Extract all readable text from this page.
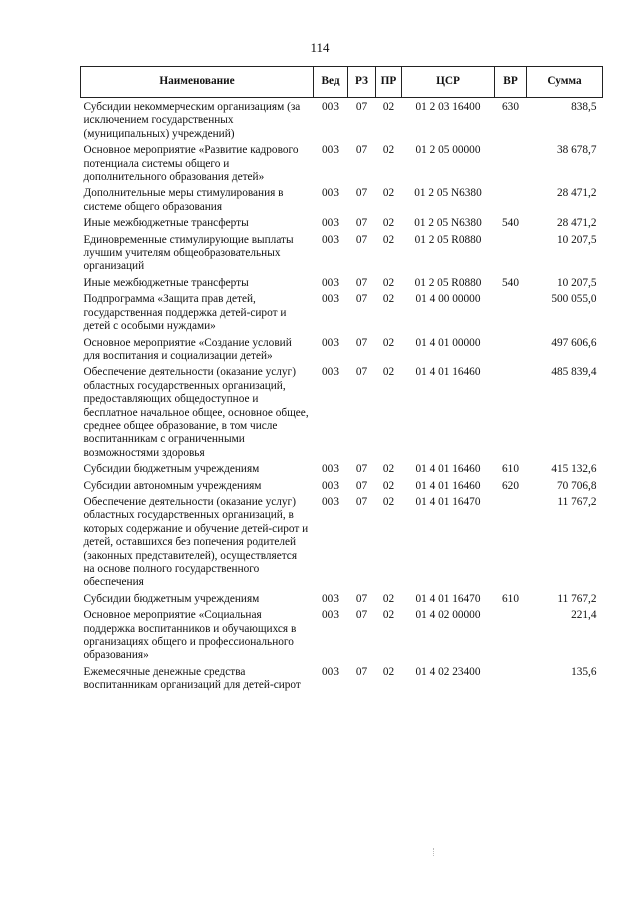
114
Наименование	Вед	РЗ	ПР	ЦСР	ВР	Сумма
Субсидии некоммерческим организациям (за исключением государственных (муниципальных) учреждений)	003	07	02	01 2 03 16400	630	838,5
Основное мероприятие «Развитие кадрового потенциала системы общего и дополнительного образования детей»	003	07	02	01 2 05 00000		38 678,7
Дополнительные меры стимулирования в системе общего образования	003	07	02	01 2 05 N6380		28 471,2
Иные межбюджетные трансферты	003	07	02	01 2 05 N6380	540	28 471,2
Единовременные стимулирующие выплаты лучшим учителям общеобразовательных организаций	003	07	02	01 2 05 R0880		10 207,5
Иные межбюджетные трансферты	003	07	02	01 2 05 R0880	540	10 207,5
Подпрограмма «Защита прав детей, государственная поддержка детей-сирот и детей с особыми нуждами»	003	07	02	01 4 00 00000		500 055,0
Основное мероприятие «Создание условий для воспитания и социализации детей»	003	07	02	01 4 01 00000		497 606,6
Обеспечение деятельности (оказание услуг) областных государственных организаций, предоставляющих общедоступное и бесплатное начальное общее, основное общее, среднее общее образование, в том числе воспитанникам с ограниченными возможностями здоровья	003	07	02	01 4 01 16460		485 839,4
Субсидии бюджетным учреждениям	003	07	02	01 4 01 16460	610	415 132,6
Субсидии автономным учреждениям	003	07	02	01 4 01 16460	620	70 706,8
Обеспечение деятельности (оказание услуг) областных государственных организаций, в которых содержание и обучение детей-сирот и детей, оставшихся без попечения родителей (законных представителей), осуществляется на основе полного государственного обеспечения	003	07	02	01 4 01 16470		11 767,2
Субсидии бюджетным учреждениям	003	07	02	01 4 01 16470	610	11 767,2
Основное мероприятие «Социальная поддержка воспитанников и обучающихся в организациях общего и профессионального образования»	003	07	02	01 4 02 00000		221,4
Ежемесячные денежные средства воспитанникам организаций для детей-сирот	003	07	02	01 4 02 23400		135,6
